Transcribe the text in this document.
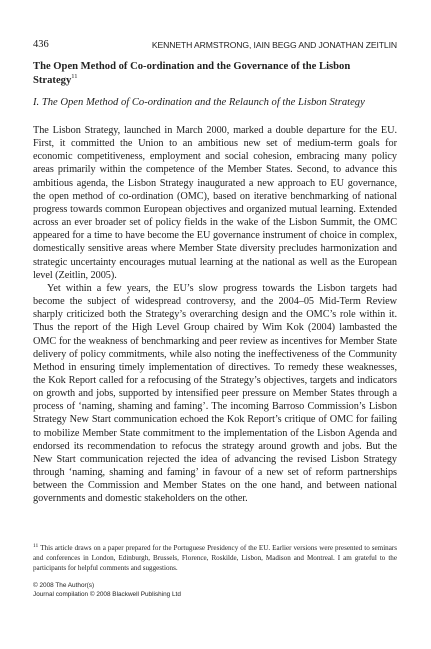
436	KENNETH ARMSTRONG, IAIN BEGG AND JONATHAN ZEITLIN
The Open Method of Co-ordination and the Governance of the Lisbon Strategy$^{11}$
I. The Open Method of Co-ordination and the Relaunch of the Lisbon Strategy

The Lisbon Strategy, launched in March 2000, marked a double departure for the EU. First, it committed the Union to an ambitious new set of medium-term goals for economic competitiveness, employment and social cohesion, embracing many policy areas primarily within the competence of the Member States. Second, to advance this ambitious agenda, the Lisbon Strategy inaugurated a new approach to EU governance, the open method of co-ordination (OMC), based on iterative benchmarking of national progress towards common European objectives and organized mutual learning. Extended across an ever broader set of policy fields in the wake of the Lisbon Summit, the OMC appeared for a time to have become the EU governance instrument of choice in complex, domestically sensitive areas where Member State diversity precludes harmonization and strategic uncertainty encourages mutual learning at the national as well as the European level (Zeitlin, 2005).

Yet within a few years, the EU’s slow progress towards the Lisbon targets had become the subject of widespread controversy, and the 2004–05 Mid-Term Review sharply criticized both the Strategy’s overarching design and the OMC’s role within it. Thus the report of the High Level Group chaired by Wim Kok (2004) lambasted the OMC for the weakness of benchmarking and peer review as incentives for Member State delivery of policy commitments, while also noting the ineffectiveness of the Community Method in ensuring timely implementation of directives. To remedy these weaknesses, the Kok Report called for a refocusing of the Strategy’s objectives, targets and indicators on growth and jobs, supported by intensified peer pressure on Member States through a process of ‘naming, shaming and faming’. The incoming Barroso Commission’s Lisbon Strategy New Start communication echoed the Kok Report’s critique of OMC for failing to mobilize Member State commitment to the implementation of the Lisbon Agenda and endorsed its recommendation to refocus the strategy around growth and jobs. But the New Start communication rejected the idea of advancing the revised Lisbon Strategy through ‘naming, shaming and faming’ in favour of a new set of reform partnerships between the Commission and Member States on the one hand, and between national governments and domestic stakeholders on the other.

$^{11}$ This article draws on a paper prepared for the Portuguese Presidency of the EU. Earlier versions were presented to seminars and conferences in London, Edinburgh, Brussels, Florence, Roskilde, Lisbon, Madison and Montreal. I am grateful to the participants for helpful comments and suggestions.
© 2008 The Author(s)
Journal compilation © 2008 Blackwell Publishing Ltd
